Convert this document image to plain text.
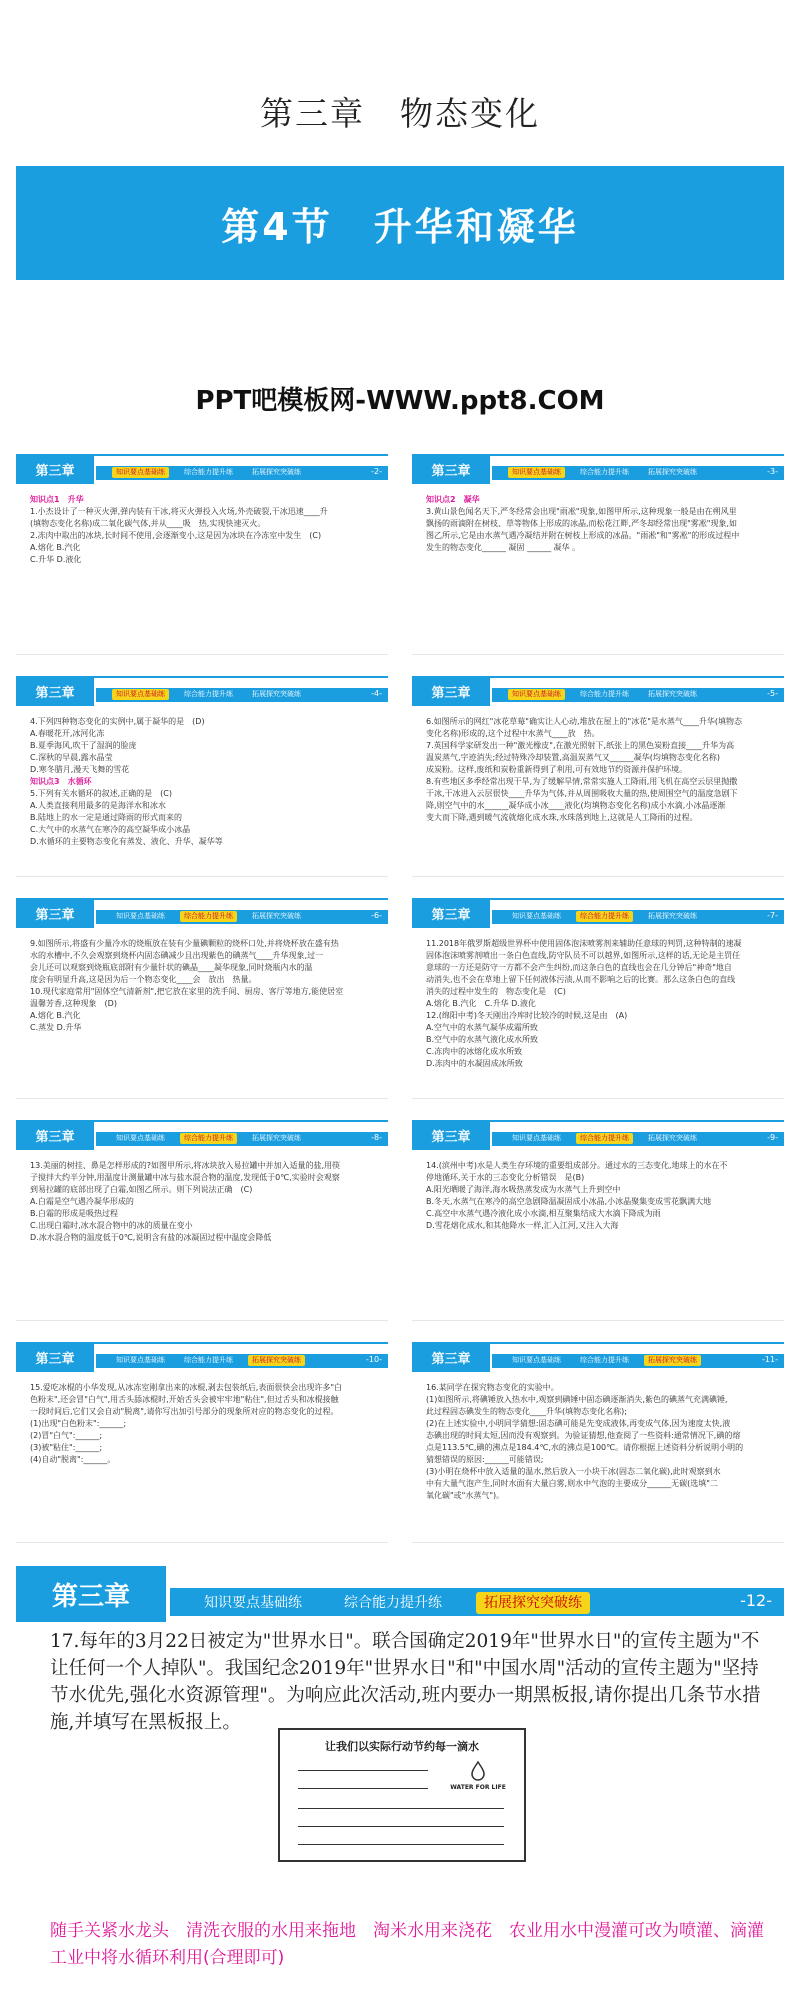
第三章　物态变化
第4节　升华和凝华
PPT吧模板网-WWW.ppt8.COM
第三章	知识要点基础练	综合能力提升练	拓展探究突破练	-2-
知识点1　升华
1.小杰设计了一种灭火弹,弹内装有干冰,将灭火弹投入火场,外壳破裂,干冰迅速____升
(填物态变化名称)成二氧化碳气体,并从____吸　热,实现快速灭火。
2.冻肉中取出的冰块,长时间不使用,会逐渐变小,这是因为冰块在冷冻室中发生　(C)
A.熔化 B.汽化
C.升华 D.液化
第三章	知识要点基础练	综合能力提升练	拓展探究突破练	-3-
知识点2　凝华
3.黄山景色闻名天下,严冬经常会出现"雨凇"现象,如图甲所示,这种现象一般是由在朔风里
飘扬的雨滴附在树枝、草等物体上形成的冰晶,而松花江畔,严冬却经常出现"雾凇"现象,如
图乙所示,它是由水蒸气遇冷凝结并附在树枝上形成的冰晶。"雨凇"和"雾凇"的形成过程中
发生的物态变化______ 凝固 ______ 凝华 。
第三章	知识要点基础练	综合能力提升练	拓展探究突破练	-4-
4.下列四种物态变化的实例中,属于凝华的是　(D)
A.春暖花开,冰河化冻
B.夏季海风,吹干了湿润的脸庞
C.深秋的早晨,露水晶莹
D.寒冬腊月,漫天飞舞的雪花
知识点3　水循环
5.下列有关水循环的叙述,正确的是　(C)
A.人类直接利用最多的是海洋水和冰水
B.陆地上的水一定是通过降雨的形式而来的
C.大气中的水蒸气在寒冷的高空凝华成小冰晶
D.水循环的主要物态变化有蒸发、液化、升华、凝华等
第三章	知识要点基础练	综合能力提升练	拓展探究突破练	-5-
6.如图所示的网红"冰花草莓"确实让人心动,堆放在屋上的"冰花"是水蒸气____升华(填物态
变化名称)形成的,这个过程中水蒸气____放　热。
7.英国科学家研发出一种"激光橡皮",在激光照射下,纸张上的黑色炭粉直接____升华为高
温炭蒸气,字迹消失;经过特殊冷却装置,高温炭蒸气又______凝华(均填物态变化名称)
成炭粉。这样,废纸和炭粉重新得到了利用,可有效地节约资源并保护环境。
8.有些地区多季经常出现干旱,为了缓解旱情,常常实施人工降雨,用飞机在高空云层里抛撒
干冰,干冰进入云层很快____升华为气体,并从周围吸收大量的热,使周围空气的温度急剧下
降,则空气中的水______凝华成小冰____液化(均填物态变化名称)成小水滴,小冰晶逐渐
变大而下降,遇到暖气流就熔化成水珠,水珠落到地上,这就是人工降雨的过程。
第三章	知识要点基础练	综合能力提升练	拓展探究突破练	-6-
9.如图所示,将盛有少量冷水的烧瓶放在装有少量碘颗粒的烧杯口处,并将烧杯放在盛有热
水的水槽中,不久会观察到烧杯内固态碘减少且出现紫色的碘蒸气____升华现象,过一
会儿还可以观察到烧瓶底部附有少量针状的碘晶____凝华现象,同时烧瓶内水的温
度会有明显升高,这是因为后一个物态变化____会　放出　热量。
10.现代家庭常用"固体空气清新剂",把它放在家里的洗手间、厨房、客厅等地方,能使居室
温馨芳香,这种现象　(D)
A.熔化 B.汽化
C.蒸发 D.升华
第三章	知识要点基础练	综合能力提升练	拓展探究突破练	-7-
11.2018年俄罗斯超级世界杯中使用固体泡沫喷雾剂来辅助任意球的判罚,这种特制的速凝
固体泡沫喷雾剂喷出一条白色直线,防守队员不可以越界,如图所示,这样的话,无论是主罚任
意球的一方还是防守一方都不会产生纠纷,而这条白色的直线也会在几分钟后"神奇"地自
动消失,也不会在草地上留下任何液体污渍,从而不影响之后的比赛。那么这条白色的直线
消失的过程中发生的　物态变化是　(C)
A.熔化 B.汽化　C.升华 D.液化
12.(绵阳中考)冬天刚出冷库时比较冷的时候,这是由　(A)
A.空气中的水蒸气凝华成霜所致
B.空气中的水蒸气液化成水所致
C.冻肉中的冰熔化成水所致
D.冻肉中的水凝固成冰所致
第三章	知识要点基础练	综合能力提升练	拓展探究突破练	-8-
13.美丽的树挂、鼻是怎样形成的?如图甲所示,将冰块放入易拉罐中并加入适量的盐,用筷
子搅拌大约半分钟,用温度计测量罐中冰与盐水混合物的温度,发现低于0℃,实验时会观察
到易拉罐的底部出现了白霜,如图乙所示。则下列说法正确　(C)
A.白霜是空气遇冷凝华形成的
B.白霜的形成是吸热过程
C.出现白霜时,冰水混合物中的冰的质量在变小
D.冰水混合物的温度低于0℃,说明含有盐的冰凝固过程中温度会降低
第三章	知识要点基础练	综合能力提升练	拓展探究突破练	-9-
14.(滨州中考)水是人类生存环境的重要组成部分。通过水的三态变化,地球上的水在不
停地循环,关于水的三态变化分析错误　是(B)
A.阳光晒暖了海洋,海水吸热蒸发成为水蒸气上升到空中
B.冬天,水蒸气在寒冷的高空急剧降温凝固成小冰晶,小冰晶聚集变成雪花飘满大地
C.高空中水蒸气遇冷液化成小水滴,相互聚集结成大水滴下降成为雨
D.雪花熔化成水,和其他降水一样,汇入江河,又注入大海
第三章	知识要点基础练	综合能力提升练	拓展探究突破练	-10-
15.爱吃冰棍的小华发现,从冰冻室刚拿出来的冰棍,剥去包装纸后,表面很快会出现许多"白
色粉末",还会冒"白气",用舌头舔冰棍时,开始舌头会被牢牢地"粘住",但过舌头和冰棍接触
一段时间后,它们又会自动"脱离",请你写出加引号部分的现象所对应的物态变化的过程。
(1)出现"白色粉末":______;
(2)冒"白气":______;
(3)被"粘住":______;
(4)自动"脱离":______。
第三章	知识要点基础练	综合能力提升练	拓展探究突破练	-11-
16.某同学在探究物态变化的实验中。
(1)如图所示,将碘锤放入热水中,观察到碘锤中固态碘逐渐消失,紫色的碘蒸气充满碘锤,
此过程固态碘发生的物态变化____升华(填物态变化名称);
(2)在上述实验中,小明同学猜想:固态碘可能是先变成液体,再变成气体,因为速度太快,液
态碘出现的时间太短,因而没有观察到。为验证猜想,他查阅了一些资料:通常情况下,碘的熔
点是113.5℃,碘的沸点是184.4℃,水的沸点是100℃。请你根据上述资料分析说明小明的
猜想错误的原因:______可能错误;
(3)小明在烧杯中放入适量的温水,然后放入一小块干冰(固态二氧化碳),此时观察到水
中有大量气泡产生,同时水面有大量白雾,则水中气泡的主要成分______无碳(选填"二
氧化碳"或"水蒸气")。
第三章	知识要点基础练	综合能力提升练	拓展探究突破练	-12-
17.每年的3月22日被定为"世界水日"。联合国确定2019年"世界水日"的宣传主题为"不让任何一个人掉队"。我国纪念2019年"世界水日"和"中国水周"活动的宣传主题为"坚持节水优先,强化水资源管理"。为响应此次活动,班内要办一期黑板报,请你提出几条节水措施,并填写在黑板报上。
让我们以实际行动节约每一滴水
WATER FOR LIFE
随手关紧水龙头　清洗衣服的水用来拖地　淘米水用来浇花　农业用水中漫灌可改为喷灌、滴灌　工业中将水循环利用(合理即可)
